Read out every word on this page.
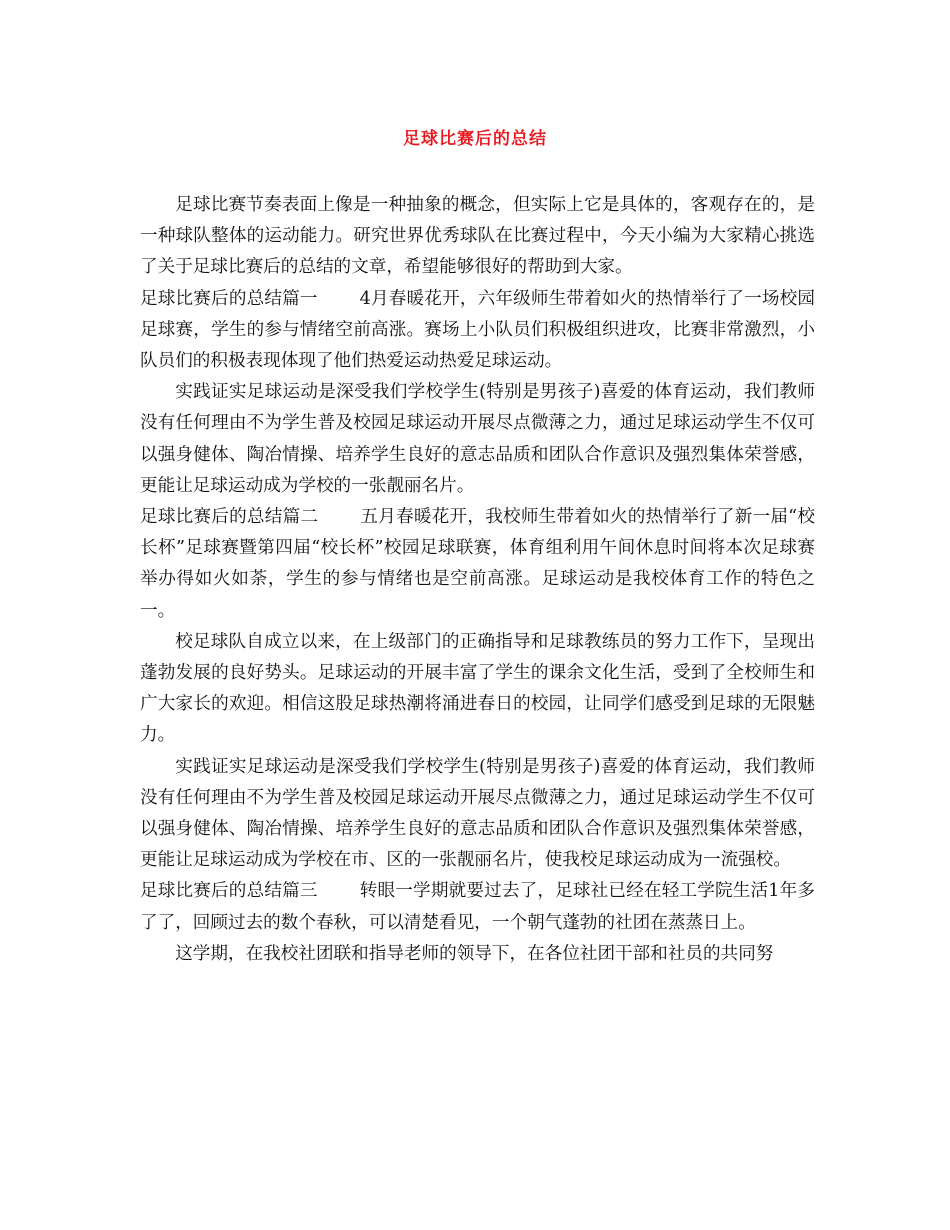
足球比赛后的总结

足球比赛节奏表面上像是一种抽象的概念，但实际上它是具体的，客观存在的，是一种球队整体的运动能力。研究世界优秀球队在比赛过程中，今天小编为大家精心挑选了关于足球比赛后的总结的文章，希望能够很好的帮助到大家。

足球比赛后的总结篇一 4月春暖花开，六年级师生带着如火的热情举行了一场校园足球赛，学生的参与情绪空前高涨。赛场上小队员们积极组织进攻，比赛非常激烈，小队员们的积极表现体现了他们热爱运动热爱足球运动。

实践证实足球运动是深受我们学校学生(特别是男孩子)喜爱的体育运动，我们教师没有任何理由不为学生普及校园足球运动开展尽点微薄之力，通过足球运动学生不仅可以强身健体、陶冶情操、培养学生良好的意志品质和团队合作意识及强烈集体荣誉感，更能让足球运动成为学校的一张靓丽名片。

足球比赛后的总结篇二 五月春暖花开，我校师生带着如火的热情举行了新一届“校长杯”足球赛暨第四届“校长杯”校园足球联赛，体育组利用午间休息时间将本次足球赛举办得如火如荼，学生的参与情绪也是空前高涨。足球运动是我校体育工作的特色之一。

校足球队自成立以来，在上级部门的正确指导和足球教练员的努力工作下，呈现出蓬勃发展的良好势头。足球运动的开展丰富了学生的课余文化生活，受到了全校师生和广大家长的欢迎。相信这股足球热潮将涌进春日的校园，让同学们感受到足球的无限魅力。

实践证实足球运动是深受我们学校学生(特别是男孩子)喜爱的体育运动，我们教师没有任何理由不为学生普及校园足球运动开展尽点微薄之力，通过足球运动学生不仅可以强身健体、陶冶情操、培养学生良好的意志品质和团队合作意识及强烈集体荣誉感，更能让足球运动成为学校在市、区的一张靓丽名片，使我校足球运动成为一流强校。

足球比赛后的总结篇三 转眼一学期就要过去了，足球社已经在轻工学院生活1年多了了，回顾过去的数个春秋，可以清楚看见，一个朝气蓬勃的社团在蒸蒸日上。

这学期，在我校社团联和指导老师的领导下，在各位社团干部和社员的共同努
